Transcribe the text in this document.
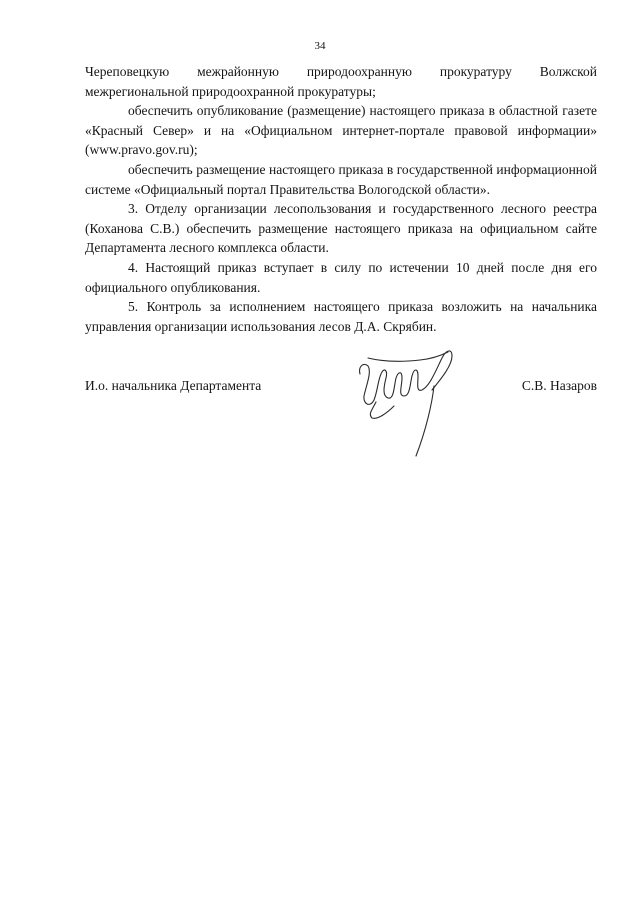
34

Череповецкую межрайонную природоохранную прокуратуру Волжской межрегиональной природоохранной прокуратуры;

обеспечить опубликование (размещение) настоящего приказа в областной газете «Красный Север» и на «Официальном интернет-портале правовой информации» (www.pravo.gov.ru);

обеспечить размещение настоящего приказа в государственной информационной системе «Официальный портал Правительства Вологодской области».

3. Отделу организации лесопользования и государственного лесного реестра (Коханова С.В.) обеспечить размещение настоящего приказа на официальном сайте Департамента лесного комплекса области.

4. Настоящий приказ вступает в силу по истечении 10 дней после дня его официального опубликования.

5. Контроль за исполнением настоящего приказа возложить на начальника управления организации использования лесов Д.А. Скрябин.

И.о. начальника Департамента	С.В. Назаров
